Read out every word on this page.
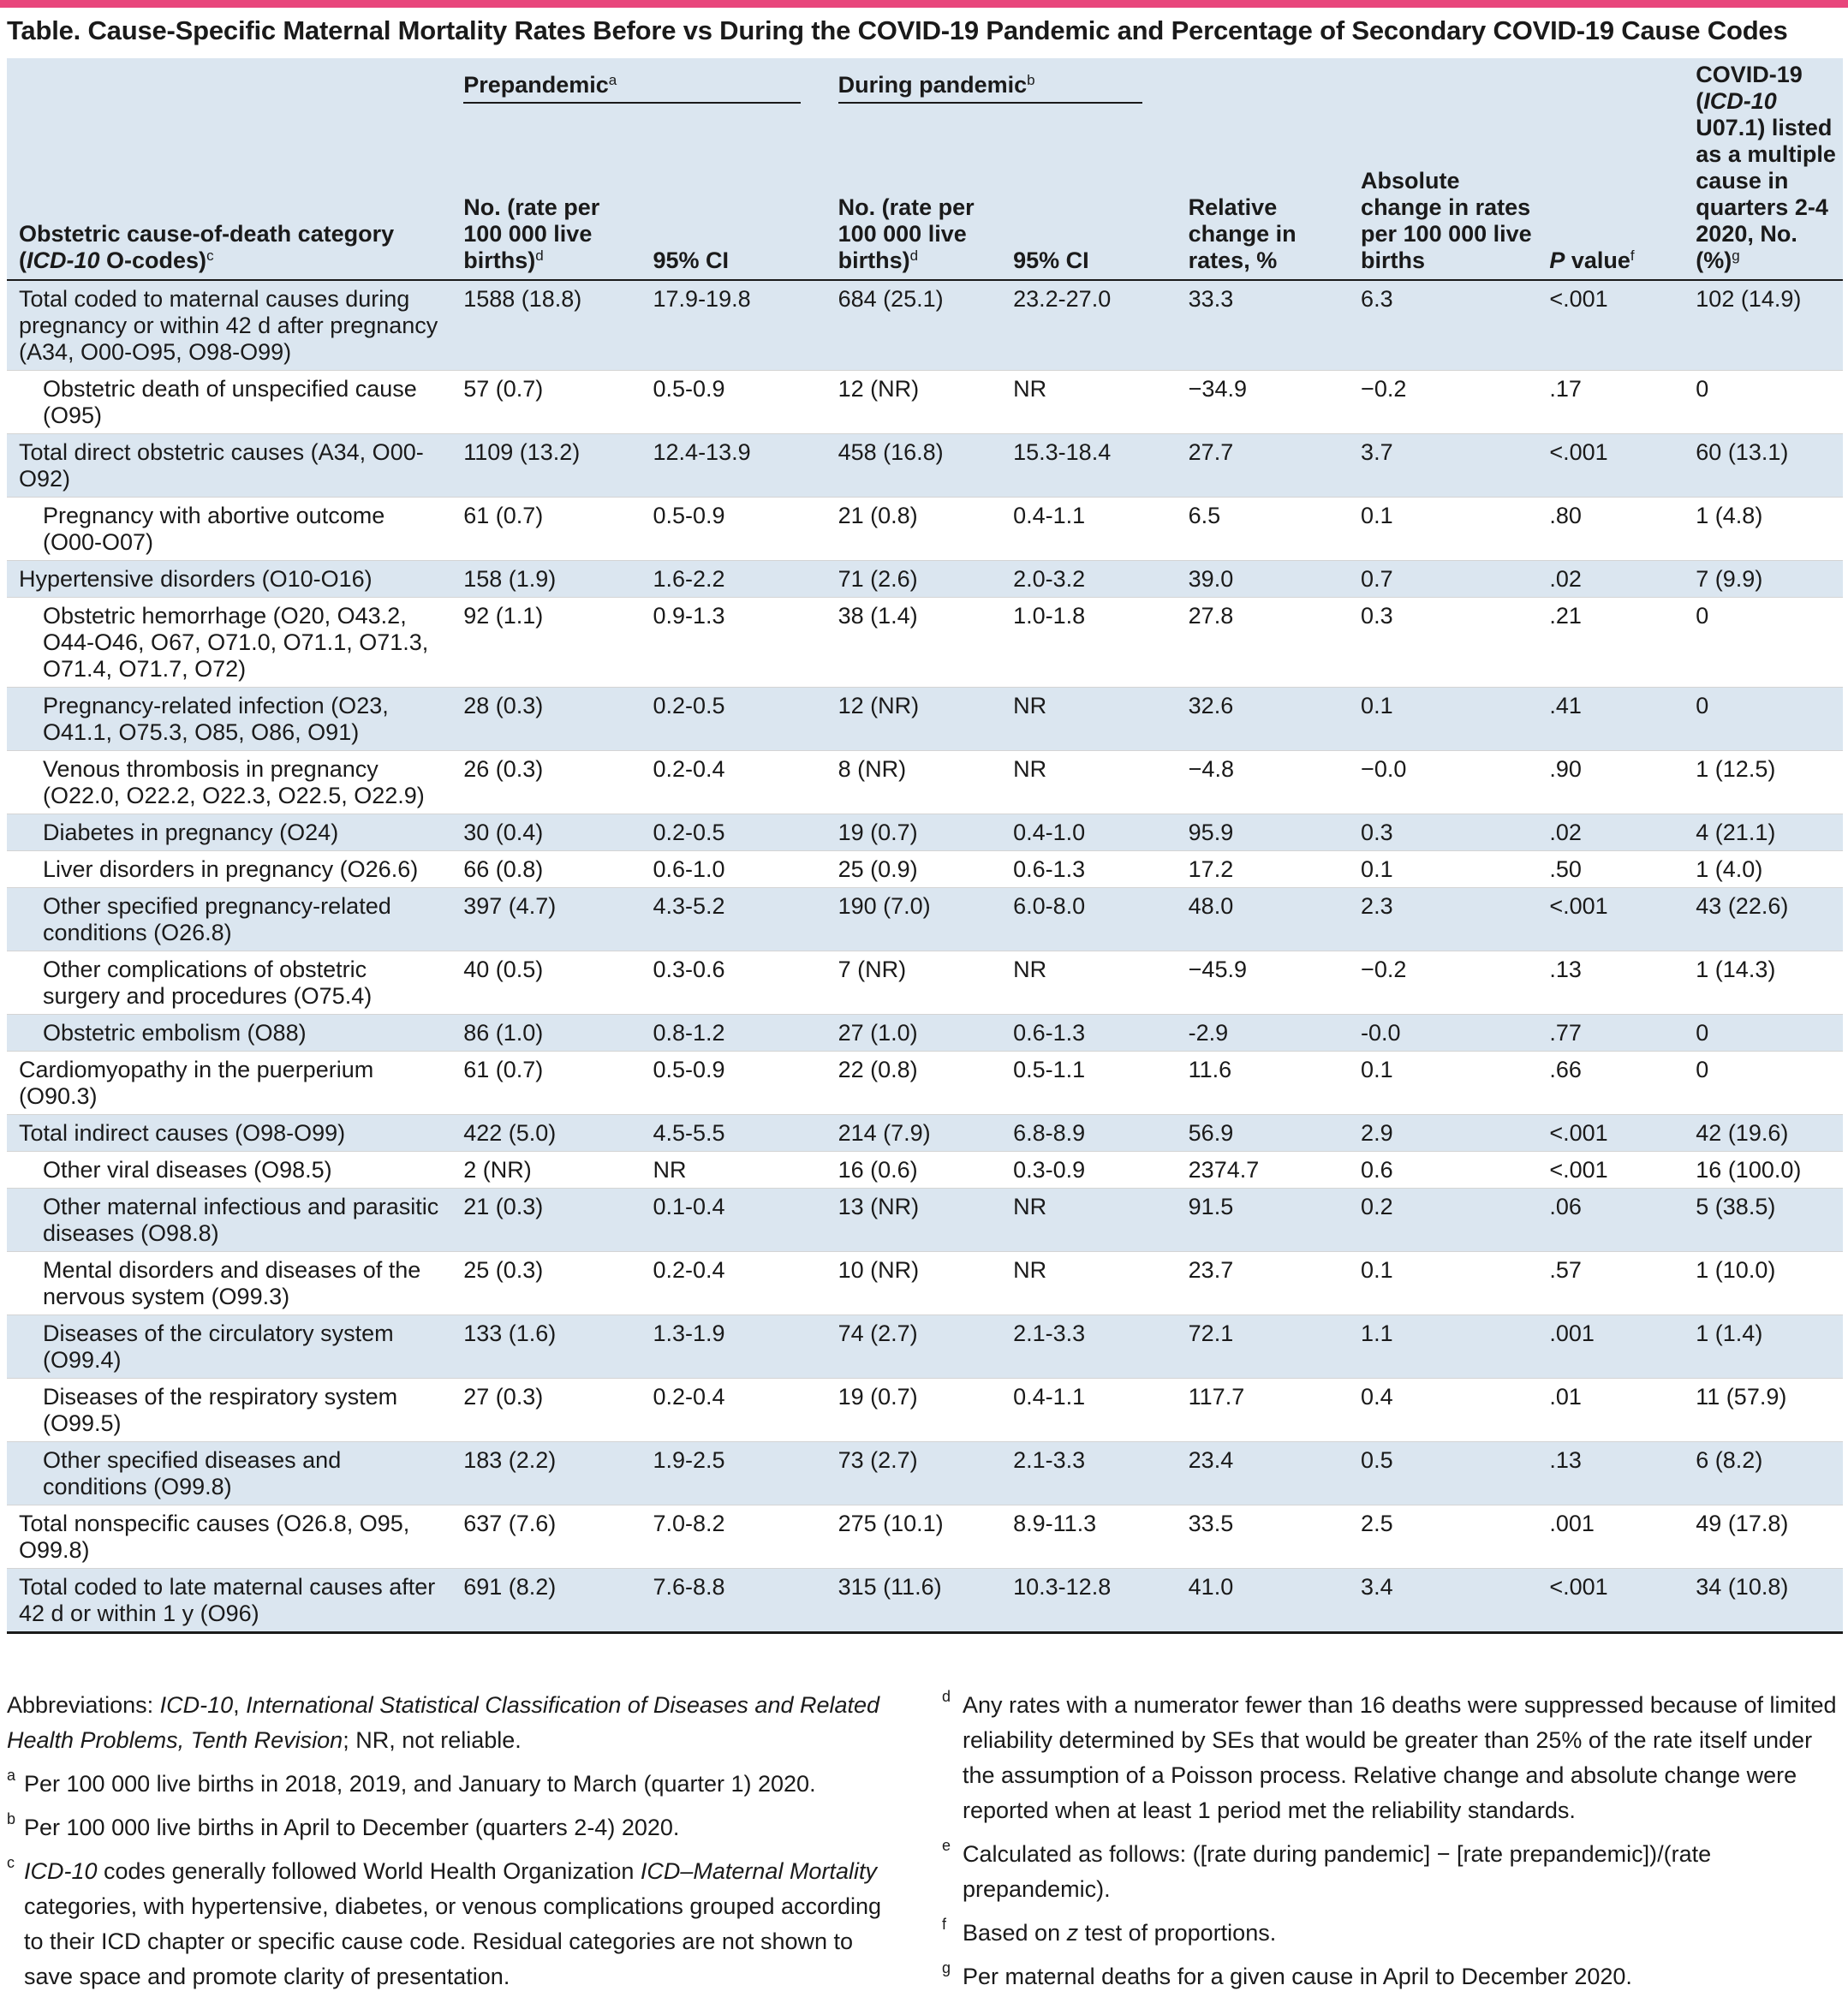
Table. Cause-Specific Maternal Mortality Rates Before vs During the COVID-19 Pandemic and Percentage of Secondary COVID-19 Cause Codes
Obstetric cause-of-death category
(ICD-10 O-codes)$^c$	Prepandemic$^a$		During pandemic$^b$		Relative change in rates, %	Absolute change in rates per 100 000 live births	P value$^f$	COVID-19 (ICD-10 U07.1) listed as a multiple cause in quarters 2-4 2020, No. (%)$^g$
	No. (rate per 100 000 live births)$^d$	95% CI	No. (rate per 100 000 live births)$^d$	95% CI				
Total coded to maternal causes during pregnancy or within 42 d after pregnancy (A34, O00-O95, O98-O99)	1588 (18.8)	17.9-19.8	684 (25.1)	23.2-27.0	33.3	6.3	<.001	102 (14.9)
Obstetric death of unspecified cause (O95)	57 (0.7)	0.5-0.9	12 (NR)	NR	−34.9	−0.2	.17	0
Total direct obstetric causes (A34, O00-O92)	1109 (13.2)	12.4-13.9	458 (16.8)	15.3-18.4	27.7	3.7	<.001	60 (13.1)
Pregnancy with abortive outcome (O00-O07)	61 (0.7)	0.5-0.9	21 (0.8)	0.4-1.1	6.5	0.1	.80	1 (4.8)
Hypertensive disorders (O10-O16)	158 (1.9)	1.6-2.2	71 (2.6)	2.0-3.2	39.0	0.7	.02	7 (9.9)
Obstetric hemorrhage (O20, O43.2, O44-O46, O67, O71.0, O71.1, O71.3, O71.4, O71.7, O72)	92 (1.1)	0.9-1.3	38 (1.4)	1.0-1.8	27.8	0.3	.21	0
Pregnancy-related infection (O23, O41.1, O75.3, O85, O86, O91)	28 (0.3)	0.2-0.5	12 (NR)	NR	32.6	0.1	.41	0
Venous thrombosis in pregnancy (O22.0, O22.2, O22.3, O22.5, O22.9)	26 (0.3)	0.2-0.4	8 (NR)	NR	−4.8	−0.0	.90	1 (12.5)
Diabetes in pregnancy (O24)	30 (0.4)	0.2-0.5	19 (0.7)	0.4-1.0	95.9	0.3	.02	4 (21.1)
Liver disorders in pregnancy (O26.6)	66 (0.8)	0.6-1.0	25 (0.9)	0.6-1.3	17.2	0.1	.50	1 (4.0)
Other specified pregnancy-related conditions (O26.8)	397 (4.7)	4.3-5.2	190 (7.0)	6.0-8.0	48.0	2.3	<.001	43 (22.6)
Other complications of obstetric surgery and procedures (O75.4)	40 (0.5)	0.3-0.6	7 (NR)	NR	−45.9	−0.2	.13	1 (14.3)
Obstetric embolism (O88)	86 (1.0)	0.8-1.2	27 (1.0)	0.6-1.3	-2.9	-0.0	.77	0
Cardiomyopathy in the puerperium (O90.3)	61 (0.7)	0.5-0.9	22 (0.8)	0.5-1.1	11.6	0.1	.66	0
Total indirect causes (O98-O99)	422 (5.0)	4.5-5.5	214 (7.9)	6.8-8.9	56.9	2.9	<.001	42 (19.6)
Other viral diseases (O98.5)	2 (NR)	NR	16 (0.6)	0.3-0.9	2374.7	0.6	<.001	16 (100.0)
Other maternal infectious and parasitic diseases (O98.8)	21 (0.3)	0.1-0.4	13 (NR)	NR	91.5	0.2	.06	5 (38.5)
Mental disorders and diseases of the nervous system (O99.3)	25 (0.3)	0.2-0.4	10 (NR)	NR	23.7	0.1	.57	1 (10.0)
Diseases of the circulatory system (O99.4)	133 (1.6)	1.3-1.9	74 (2.7)	2.1-3.3	72.1	1.1	.001	1 (1.4)
Diseases of the respiratory system (O99.5)	27 (0.3)	0.2-0.4	19 (0.7)	0.4-1.1	117.7	0.4	.01	11 (57.9)
Other specified diseases and conditions (O99.8)	183 (2.2)	1.9-2.5	73 (2.7)	2.1-3.3	23.4	0.5	.13	6 (8.2)
Total nonspecific causes (O26.8, O95, O99.8)	637 (7.6)	7.0-8.2	275 (10.1)	8.9-11.3	33.5	2.5	.001	49 (17.8)
Total coded to late maternal causes after 42 d or within 1 y (O96)	691 (8.2)	7.6-8.8	315 (11.6)	10.3-12.8	41.0	3.4	<.001	34 (10.8)
Abbreviations: ICD-10, International Statistical Classification of Diseases and Related Health Problems, Tenth Revision; NR, not reliable.
a Per 100 000 live births in 2018, 2019, and January to March (quarter 1) 2020.
b Per 100 000 live births in April to December (quarters 2-4) 2020.
c ICD-10 codes generally followed World Health Organization ICD–Maternal Mortality categories, with hypertensive, diabetes, or venous complications grouped according to their ICD chapter or specific cause code. Residual categories are not shown to save space and promote clarity of presentation.
d Any rates with a numerator fewer than 16 deaths were suppressed because of limited reliability determined by SEs that would be greater than 25% of the rate itself under the assumption of a Poisson process. Relative change and absolute change were reported when at least 1 period met the reliability standards.
e Calculated as follows: ([rate during pandemic] − [rate prepandemic])/(rate prepandemic).
f Based on z test of proportions.
g Per maternal deaths for a given cause in April to December 2020.
